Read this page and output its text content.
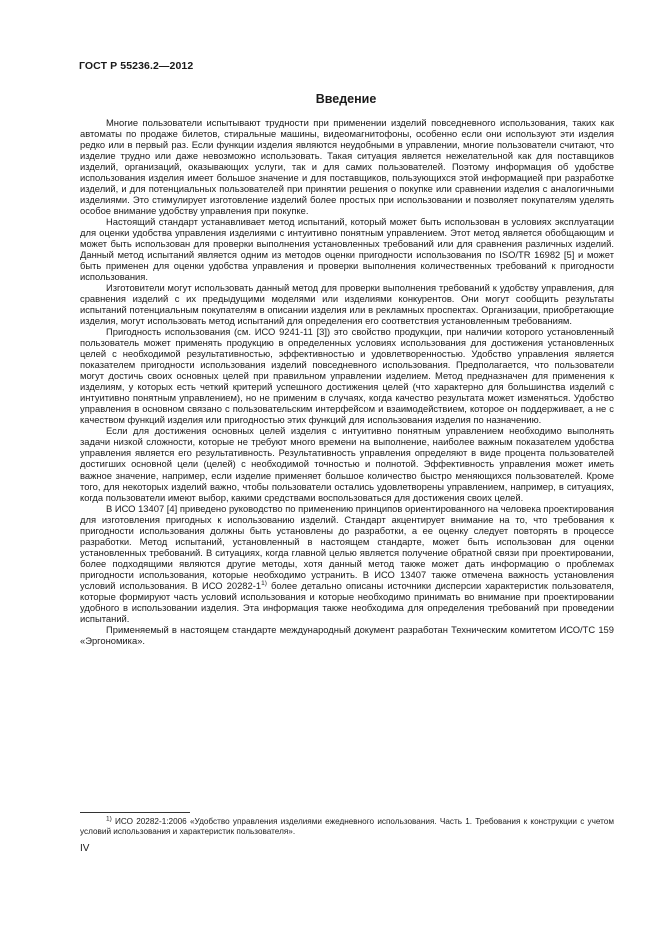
ГОСТ Р 55236.2—2012
Введение

Многие пользователи испытывают трудности при применении изделий повседневного использования, таких как автоматы по продаже билетов, стиральные машины, видеомагнитофоны, особенно если они используют эти изделия редко или в первый раз. Если функции изделия являются неудобными в управлении, многие пользователи считают, что изделие трудно или даже невозможно использовать. Такая ситуация является нежелательной как для поставщиков изделий, организаций, оказывающих услуги, так и для самих пользователей. Поэтому информация об удобстве использования изделия имеет большое значение и для поставщиков, пользующихся этой информацией при разработке изделий, и для потенциальных пользователей при принятии решения о покупке или сравнении изделия с аналогичными изделиями. Это стимулирует изготовление изделий более простых при использовании и позволяет покупателям уделять особое внимание удобству управления при покупке.

Настоящий стандарт устанавливает метод испытаний, который может быть использован в условиях эксплуатации для оценки удобства управления изделиями с интуитивно понятным управлением. Этот метод является обобщающим и может быть использован для проверки выполнения установленных требований или для сравнения различных изделий. Данный метод испытаний является одним из методов оценки пригодности использования по ISO/TR 16982 [5] и может быть применен для оценки удобства управления и проверки выполнения количественных требований к пригодности использования.

Изготовители могут использовать данный метод для проверки выполнения требований к удобству управления, для сравнения изделий с их предыдущими моделями или изделиями конкурентов. Они могут сообщить результаты испытаний потенциальным покупателям в описании изделия или в рекламных проспектах. Организации, приобретающие изделия, могут использовать метод испытаний для определения его соответствия установленным требованиям.

Пригодность использования (см. ИСО 9241-11 [3]) это свойство продукции, при наличии которого установленный пользователь может применять продукцию в определенных условиях использования для достижения установленных целей с необходимой результативностью, эффективностью и удовлетворенностью. Удобство управления является показателем пригодности использования изделий повседневного использования. Предполагается, что пользователи могут достичь своих основных целей при правильном управлении изделием. Метод предназначен для применения к изделиям, у которых есть четкий критерий успешного достижения целей (что характерно для большинства изделий с интуитивно понятным управлением), но не применим в случаях, когда качество результата может изменяться. Удобство управления в основном связано с пользовательским интерфейсом и взаимодействием, которое он поддерживает, а не с качеством функций изделия или пригодностью этих функций для использования изделия по назначению.

Если для достижения основных целей изделия с интуитивно понятным управлением необходимо выполнять задачи низкой сложности, которые не требуют много времени на выполнение, наиболее важным показателем удобства управления является его результативность. Результативность управления определяют в виде процента пользователей достигших основной цели (целей) с необходимой точностью и полнотой. Эффективность управления может иметь важное значение, например, если изделие применяет большое количество быстро меняющихся пользователей. Кроме того, для некоторых изделий важно, чтобы пользователи остались удовлетворены управлением, например, в ситуациях, когда пользователи имеют выбор, какими средствами воспользоваться для достижения своих целей.

В ИСО 13407 [4] приведено руководство по применению принципов ориентированного на человека проектирования для изготовления пригодных к использованию изделий. Стандарт акцентирует внимание на то, что требования к пригодности использования должны быть установлены до разработки, а ее оценку следует повторять в процессе разработки. Метод испытаний, установленный в настоящем стандарте, может быть использован для оценки установленных требований. В ситуациях, когда главной целью является получение обратной связи при проектировании, более подходящими являются другие методы, хотя данный метод также может дать информацию о проблемах пригодности использования, которые необходимо устранить. В ИСО 13407 также отмечена важность установления условий использования. В ИСО 20282-1$^{1)}$ более детально описаны источники дисперсии характеристик пользователя, которые формируют часть условий использования и которые необходимо принимать во внимание при проектировании удобного в использовании изделия. Эта информация также необходима для определения требований при проведении испытаний.

Применяемый в настоящем стандарте международный документ разработан Техническим комитетом ИСО/ТС 159 «Эргономика».

$^{1)}$ ИСО 20282-1:2006 «Удобство управления изделиями ежедневного использования. Часть 1. Требования к конструкции с учетом условий использования и характеристик пользователя».

IV
